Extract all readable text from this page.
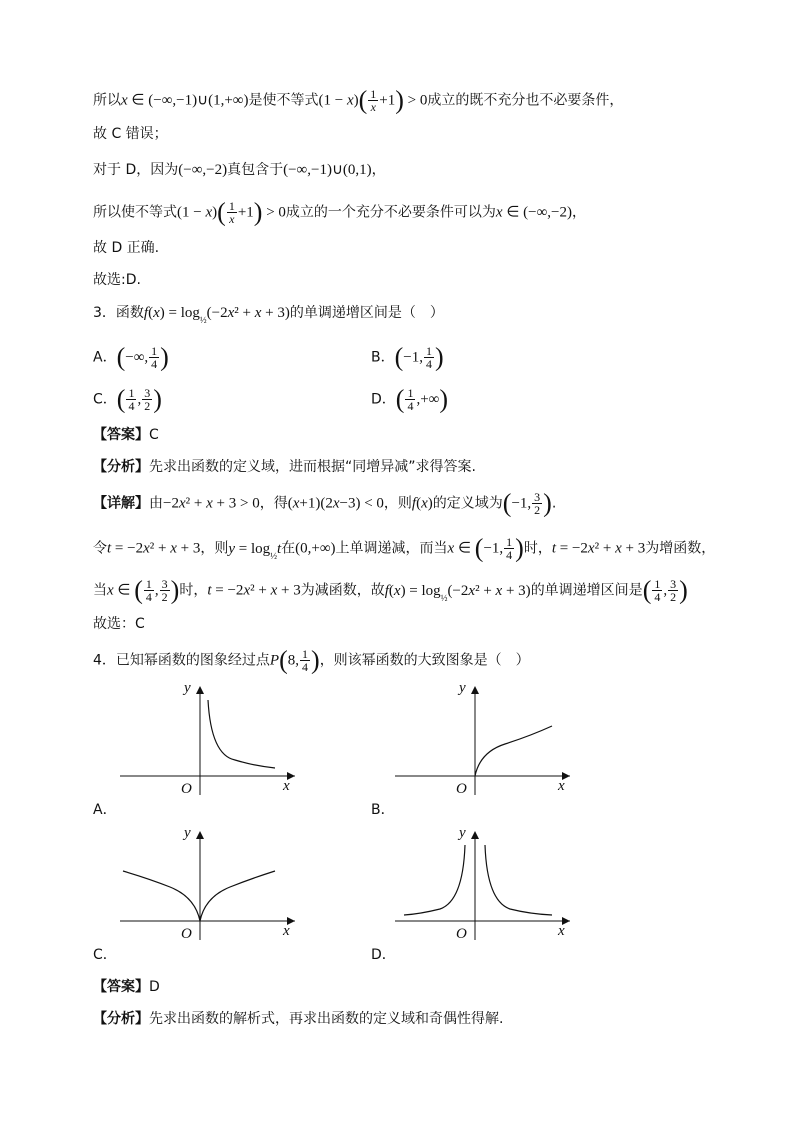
所以x ∈ (−∞,−1)∪(1,+∞)是使不等式$(1 - x)( \frac{1}{x} +1) > 0$成立的既不充分也不必要条件，
故 C 错误；
对于 D，因为(−∞,−2)真包含于(−∞,−1)∪(0,1)，
所以使不等式$(1 - x)( \frac{1}{x} +1) > 0$成立的一个充分不必要条件可以为x ∈ (−∞,−2)，
故 D 正确.
故选:D.
3．函数$f(x) = \log_{\frac{1}{2}}(-2x^2 + x + 3)$的单调递增区间是（　）
A．(−∞, $\frac{1}{4}$ )	B．(−1, $\frac{1}{4}$ )
C．( $\frac{1}{4}$ , $\frac{3}{2}$ )	D．( $\frac{1}{4}$ ,+∞)
【答案】C
【分析】先求出函数的定义域，进而根据“同增异减”求得答案.
【详解】由−2x² + x + 3 > 0，得(x+1)(2x−3) < 0，则f(x)的定义域为(−1, $\frac{3}{2}$ ).
令t = −2x² + x + 3，则$y = \log_{\frac{1}{2}}t$在(0,+∞)上单调递减，而当x ∈ (−1, $\frac{1}{4}$ )时，t = −2x² + x + 3为增函数，
当x ∈ ( $\frac{1}{4}$ , $\frac{3}{2}$ )时，t = −2x² + x + 3为减函数，故$f(x) = \log_{\frac{1}{2}}(-2x^2 + x + 3)$的单调递增区间是( $\frac{1}{4}$ , $\frac{3}{2}$ )
故选：C
4．已知幂函数的图象经过点P(8, $\frac{1}{4}$ )，则该幂函数的大致图象是（　）
y
x
O
A．
y
x
O
B．
y
x
O
C．
y
x
O
D．
【答案】D
【分析】先求出函数的解析式，再求出函数的定义域和奇偶性得解.
